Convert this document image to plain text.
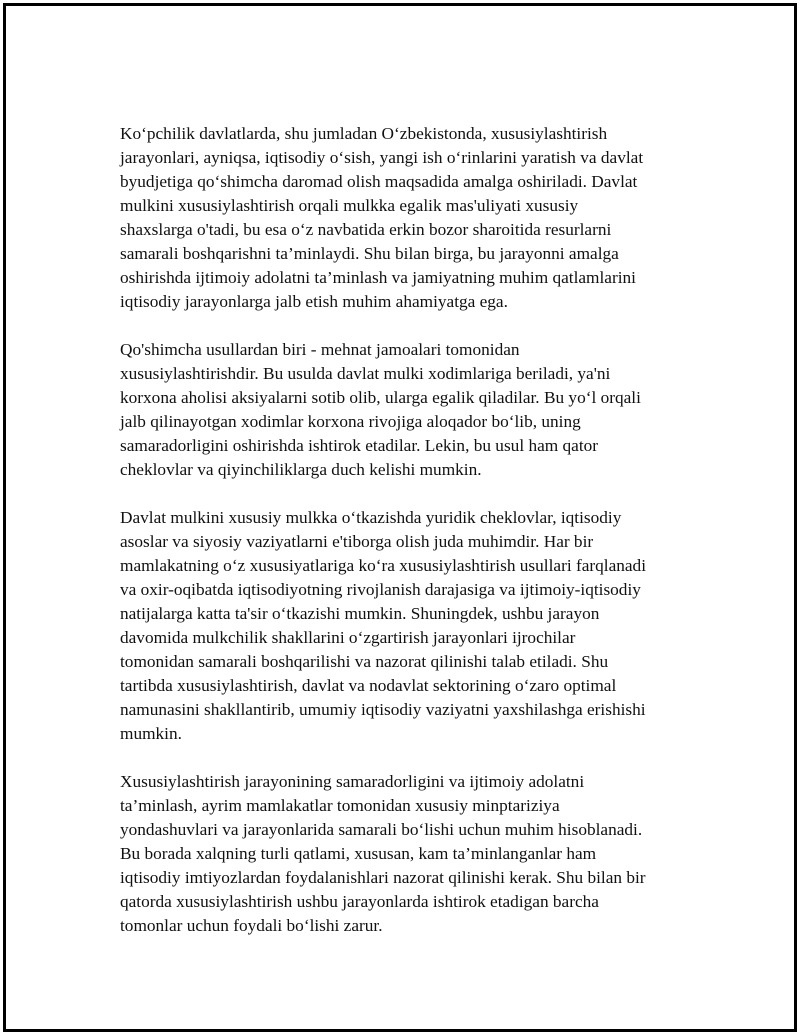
Ko‘pchilik davlatlarda, shu jumladan O‘zbekistonda, xususiylashtirish
jarayonlari, ayniqsa, iqtisodiy o‘sish, yangi ish o‘rinlarini yaratish va davlat
byudjetiga qo‘shimcha daromad olish maqsadida amalga oshiriladi. Davlat
mulkini xususiylashtirish orqali mulkka egalik mas'uliyati xususiy
shaxslarga o'tadi, bu esa o‘z navbatida erkin bozor sharoitida resurlarni
samarali boshqarishni ta’minlaydi. Shu bilan birga, bu jarayonni amalga
oshirishda ijtimoiy adolatni ta’minlash va jamiyatning muhim qatlamlarini
iqtisodiy jarayonlarga jalb etish muhim ahamiyatga ega.

Qo'shimcha usullardan biri - mehnat jamoalari tomonidan
xususiylashtirishdir. Bu usulda davlat mulki xodimlariga beriladi, ya'ni
korxona aholisi aksiyalarni sotib olib, ularga egalik qiladilar. Bu yo‘l orqali
jalb qilinayotgan xodimlar korxona rivojiga aloqador bo‘lib, uning
samaradorligini oshirishda ishtirok etadilar. Lekin, bu usul ham qator
cheklovlar va qiyinchiliklarga duch kelishi mumkin.

Davlat mulkini xususiy mulkka o‘tkazishda yuridik cheklovlar, iqtisodiy
asoslar va siyosiy vaziyatlarni e'tiborga olish juda muhimdir. Har bir
mamlakatning o‘z xususiyatlariga ko‘ra xususiylashtirish usullari farqlanadi
va oxir-oqibatda iqtisodiyotning rivojlanish darajasiga va ijtimoiy-iqtisodiy
natijalarga katta ta'sir o‘tkazishi mumkin. Shuningdek, ushbu jarayon
davomida mulkchilik shakllarini o‘zgartirish jarayonlari ijrochilar
tomonidan samarali boshqarilishi va nazorat qilinishi talab etiladi. Shu
tartibda xususiylashtirish, davlat va nodavlat sektorining o‘zaro optimal
namunasini shakllantirib, umumiy iqtisodiy vaziyatni yaxshilashga erishishi
mumkin.

Xususiylashtirish jarayonining samaradorligini va ijtimoiy adolatni
ta’minlash, ayrim mamlakatlar tomonidan xususiy minptariziya
yondashuvlari va jarayonlarida samarali bo‘lishi uchun muhim hisoblanadi.
Bu borada xalqning turli qatlami, xususan, kam ta’minlanganlar ham
iqtisodiy imtiyozlardan foydalanishlari nazorat qilinishi kerak. Shu bilan bir
qatorda xususiylashtirish ushbu jarayonlarda ishtirok etadigan barcha
tomonlar uchun foydali bo‘lishi zarur.
